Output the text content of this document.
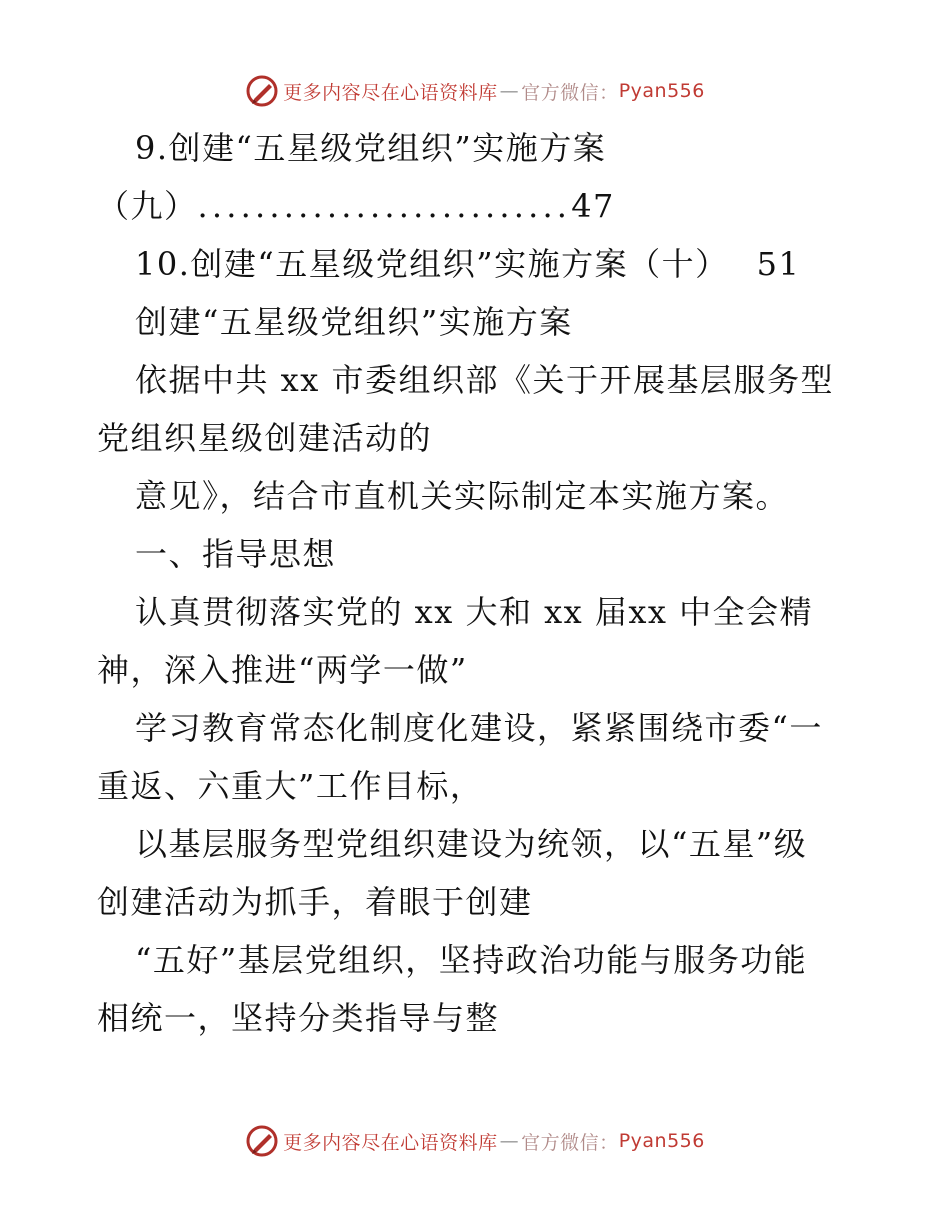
更多内容尽在心语资料库 — 官方微信： Pyan556
9.创建“五星级党组织”实施方案
（九） .......................... 47
10.创建“五星级党组织”实施方案（十） 51
创建“五星级党组织”实施方案
依据中共 xx 市委组织部《关于开展基层服务型
党组织星级创建活动的
意见》，结合市直机关实际制定本实施方案。
一、指导思想
认真贯彻落实党的 xx 大和 xx 届xx 中全会精
神，深入推进“两学一做”
学习教育常态化制度化建设，紧紧围绕市委“一
重返、六重大”工作目标，
以基层服务型党组织建设为统领，以“五星”级
创建活动为抓手，着眼于创建
“五好”基层党组织，坚持政治功能与服务功能
相统一，坚持分类指导与整
更多内容尽在心语资料库 — 官方微信： Pyan556
